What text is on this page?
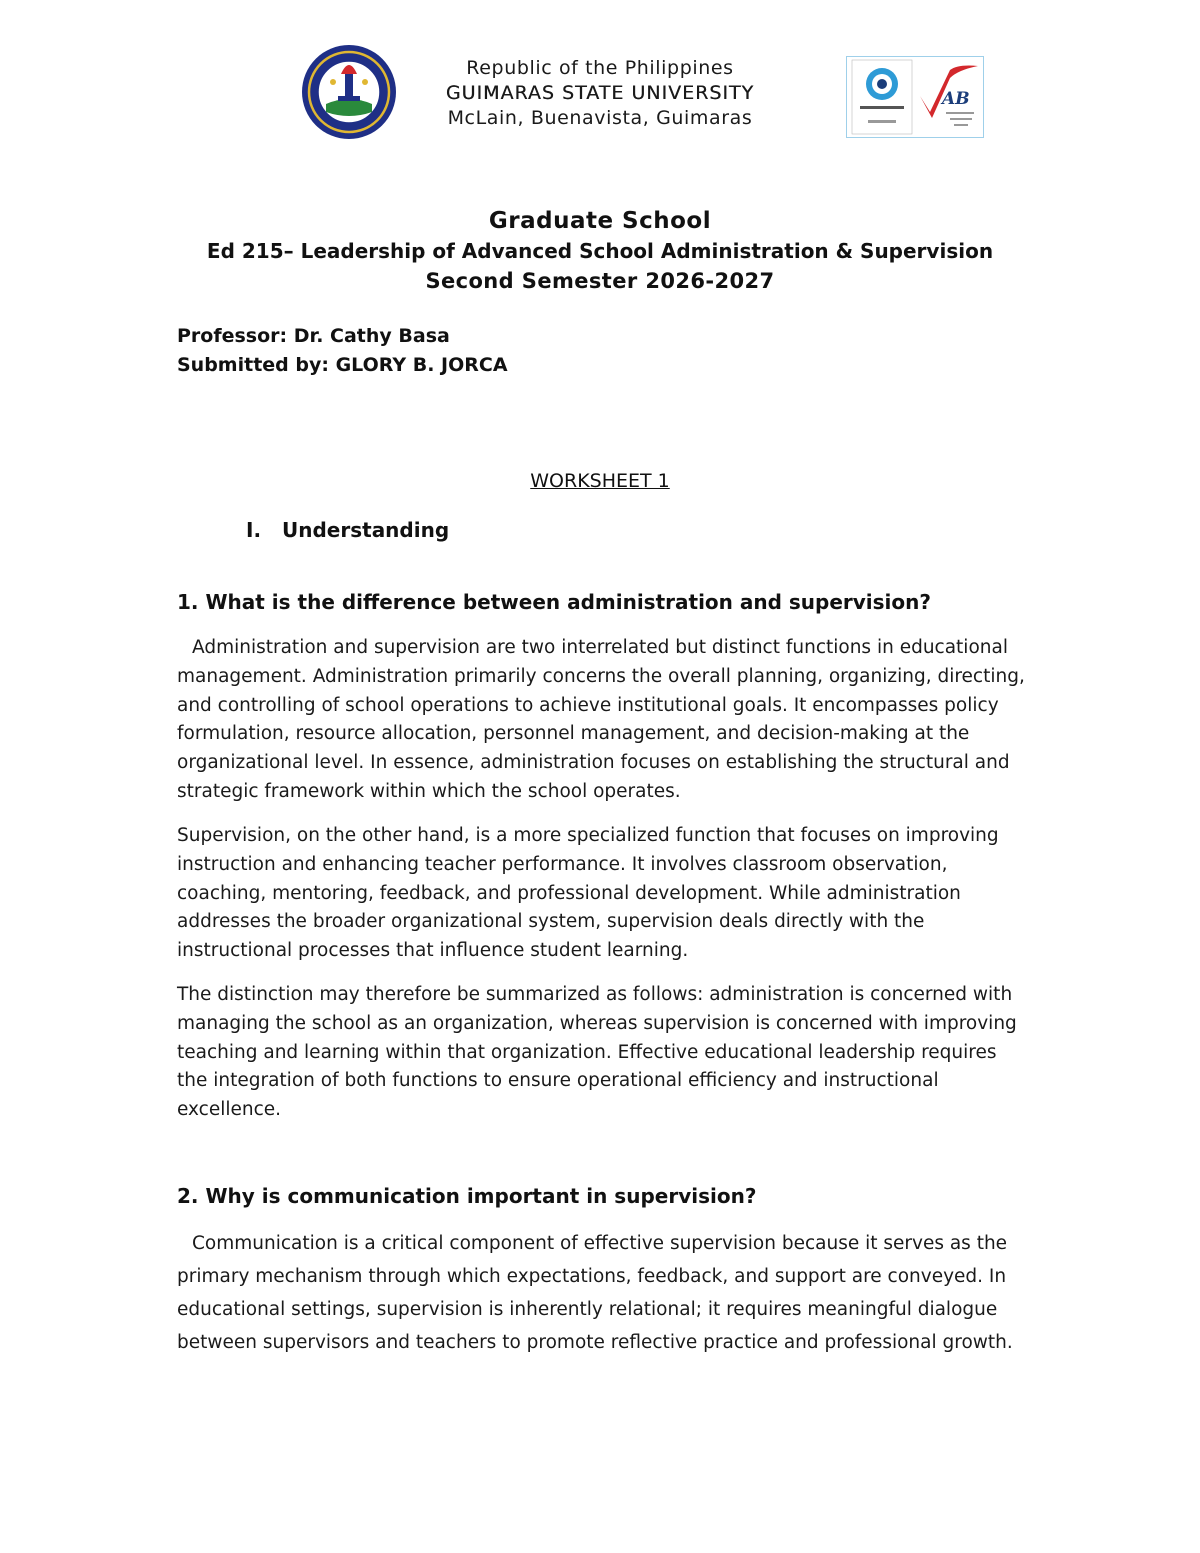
Republic of the Philippines
GUIMARAS STATE UNIVERSITY
McLain, Buenavista, Guimaras
AB
Graduate School
Ed 215– Leadership of Advanced School Administration & Supervision
Second Semester 2026-2027
Professor: Dr. Cathy Basa
Submitted by: GLORY B. JORCA
WORKSHEET 1
I. Understanding
1. What is the difference between administration and supervision?

Administration and supervision are two interrelated but distinct functions in educational management. Administration primarily concerns the overall planning, organizing, directing, and controlling of school operations to achieve institutional goals. It encompasses policy formulation, resource allocation, personnel management, and decision-making at the organizational level. In essence, administration focuses on establishing the structural and strategic framework within which the school operates.

Supervision, on the other hand, is a more specialized function that focuses on improving instruction and enhancing teacher performance. It involves classroom observation, coaching, mentoring, feedback, and professional development. While administration addresses the broader organizational system, supervision deals directly with the instructional processes that influence student learning.

The distinction may therefore be summarized as follows: administration is concerned with managing the school as an organization, whereas supervision is concerned with improving teaching and learning within that organization. Effective educational leadership requires the integration of both functions to ensure operational efficiency and instructional excellence.

2. Why is communication important in supervision?

Communication is a critical component of effective supervision because it serves as the primary mechanism through which expectations, feedback, and support are conveyed. In educational settings, supervision is inherently relational; it requires meaningful dialogue between supervisors and teachers to promote reflective practice and professional growth.
